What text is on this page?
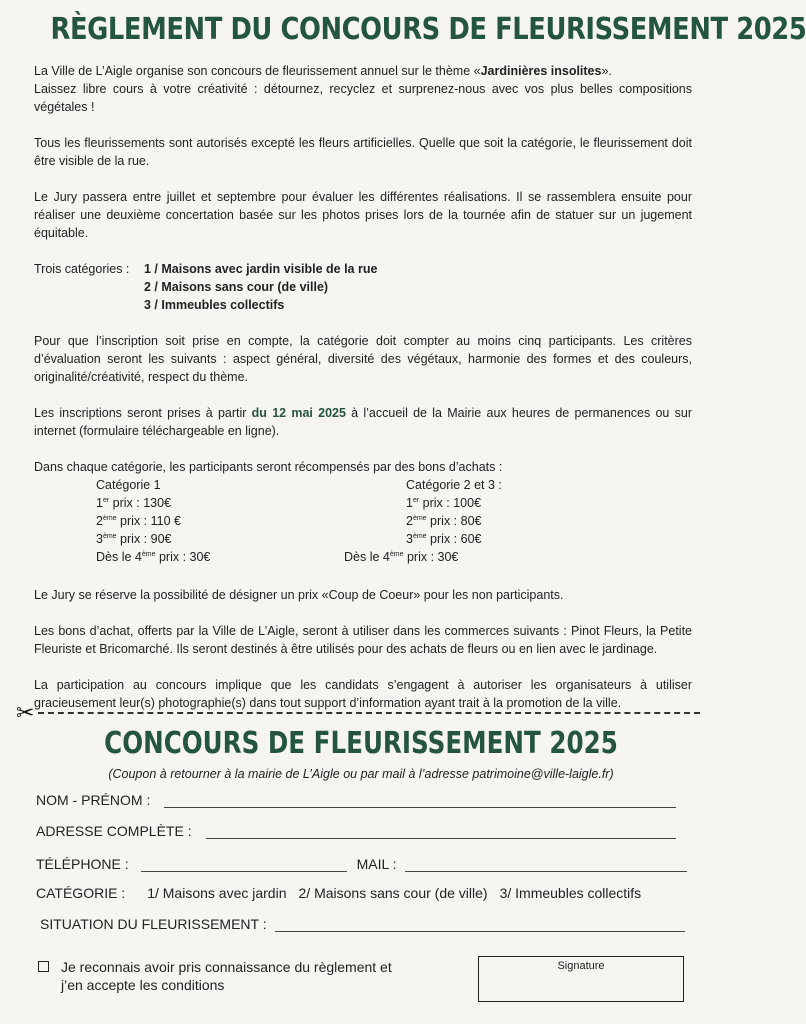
RÈGLEMENT DU CONCOURS DE FLEURISSEMENT 2025

La Ville de L’Aigle organise son concours de fleurissement annuel sur le thème «Jardinières insolites».
Laissez libre cours à votre créativité : détournez, recyclez et surprenez-nous avec vos plus belles compositions végétales !

Tous les fleurissements sont autorisés excepté les fleurs artificielles. Quelle que soit la catégorie, le fleurissement doit être visible de la rue.

Le Jury passera entre juillet et septembre pour évaluer les différentes réalisations. Il se rassemblera ensuite pour réaliser une deuxième concertation basée sur les photos prises lors de la tournée afin de statuer sur un jugement équitable.

Trois catégories :	1 / Maisons avec jardin visible de la rue
2 / Maisons sans cour (de ville)
3 / Immeubles collectifs

Pour que l’inscription soit prise en compte, la catégorie doit compter au moins cinq participants. Les critères d’évaluation seront les suivants : aspect général, diversité des végétaux, harmonie des formes et des couleurs, originalité/créativité, respect du thème.

Les inscriptions seront prises à partir du 12 mai 2025 à l’accueil de la Mairie aux heures de permanences ou sur internet (formulaire téléchargeable en ligne).

Dans chaque catégorie, les participants seront récompensés par des bons d’achats :

Catégorie 1
1er prix : 130€
2ème prix : 110 €
3ème prix : 90€
Dès le 4ème prix : 30€
Catégorie 2 et 3 :
1er prix : 100€
2ème prix : 80€
3ème prix : 60€
Dès le 4ème prix : 30€

Le Jury se réserve la possibilité de désigner un prix «Coup de Coeur» pour les non participants.

Les bons d’achat, offerts par la Ville de L’Aigle, seront à utiliser dans les commerces suivants : Pinot Fleurs, la Petite Fleuriste et Bricomarché. Ils seront destinés à être utilisés pour des achats de fleurs ou en lien avec le jardinage.

La participation au concours implique que les candidats s’engagent à autoriser les organisateurs à utiliser gracieusement leur(s) photographie(s) dans tout support d’information ayant trait à la promotion de la ville.

✂
CONCOURS DE FLEURISSEMENT 2025
(Coupon à retourner à la mairie de L’Aigle ou par mail à l’adresse patrimoine@ville-laigle.fr)
NOM - PRÉNOM :
ADRESSE COMPLÈTE :
TÉLÉPHONE :	MAIL :
CATÉGORIE : 1/ Maisons avec jardin 2/ Maisons sans cour (de ville) 3/ Immeubles collectifs
SITUATION DU FLEURISSEMENT :
Je reconnais avoir pris connaissance du règlement et
j’en accepte les conditions
Signature
